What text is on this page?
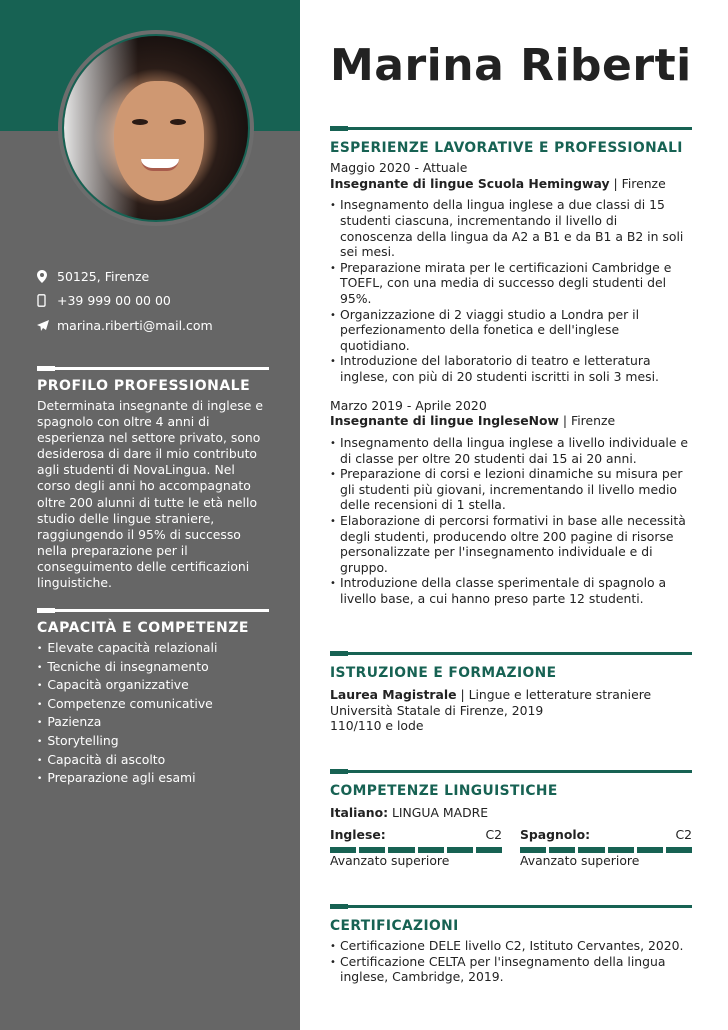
50125, Firenze
+39 999 00 00 00
marina.riberti@mail.com
PROFILO PROFESSIONALE
Determinata insegnante di inglese e spagnolo con oltre 4 anni di esperienza nel settore privato, sono desiderosa di dare il mio contributo agli studenti di NovaLingua. Nel corso degli anni ho accompagnato oltre 200 alunni di tutte le età nello studio delle lingue straniere, raggiungendo il 95% di successo nella preparazione per il conseguimento delle certificazioni linguistiche.
CAPACITÀ E COMPETENZE
• Elevate capacità relazionali
• Tecniche di insegnamento
• Capacità organizzative
• Competenze comunicative
• Pazienza
• Storytelling
• Capacità di ascolto
• Preparazione agli esami
Marina Riberti
ESPERIENZE LAVORATIVE E PROFESSIONALI
Maggio 2020 - Attuale
Insegnante di lingue Scuola Hemingway | Firenze
• Insegnamento della lingua inglese a due classi di 15 studenti ciascuna, incrementando il livello di conoscenza della lingua da A2 a B1 e da B1 a B2 in soli sei mesi.
• Preparazione mirata per le certificazioni Cambridge e TOEFL, con una media di successo degli studenti del 95%.
• Organizzazione di 2 viaggi studio a Londra per il perfezionamento della fonetica e dell'inglese quotidiano.
• Introduzione del laboratorio di teatro e letteratura inglese, con più di 20 studenti iscritti in soli 3 mesi.
Marzo 2019 - Aprile 2020
Insegnante di lingue IngleseNow | Firenze
• Insegnamento della lingua inglese a livello individuale e di classe per oltre 20 studenti dai 15 ai 20 anni.
• Preparazione di corsi e lezioni dinamiche su misura per gli studenti più giovani, incrementando il livello medio delle recensioni di 1 stella.
• Elaborazione di percorsi formativi in base alle necessità degli studenti, producendo oltre 200 pagine di risorse personalizzate per l'insegnamento individuale e di gruppo.
• Introduzione della classe sperimentale di spagnolo a livello base, a cui hanno preso parte 12 studenti.
ISTRUZIONE E FORMAZIONE
Laurea Magistrale | Lingue e letterature straniere
Università Statale di Firenze, 2019
110/110 e lode
COMPETENZE LINGUISTICHE
Italiano: LINGUA MADRE
Inglese:	C2
Avanzato superiore
Spagnolo:	C2
Avanzato superiore
CERTIFICAZIONI
• Certificazione DELE livello C2, Istituto Cervantes, 2020.
• Certificazione CELTA per l'insegnamento della lingua inglese, Cambridge, 2019.
